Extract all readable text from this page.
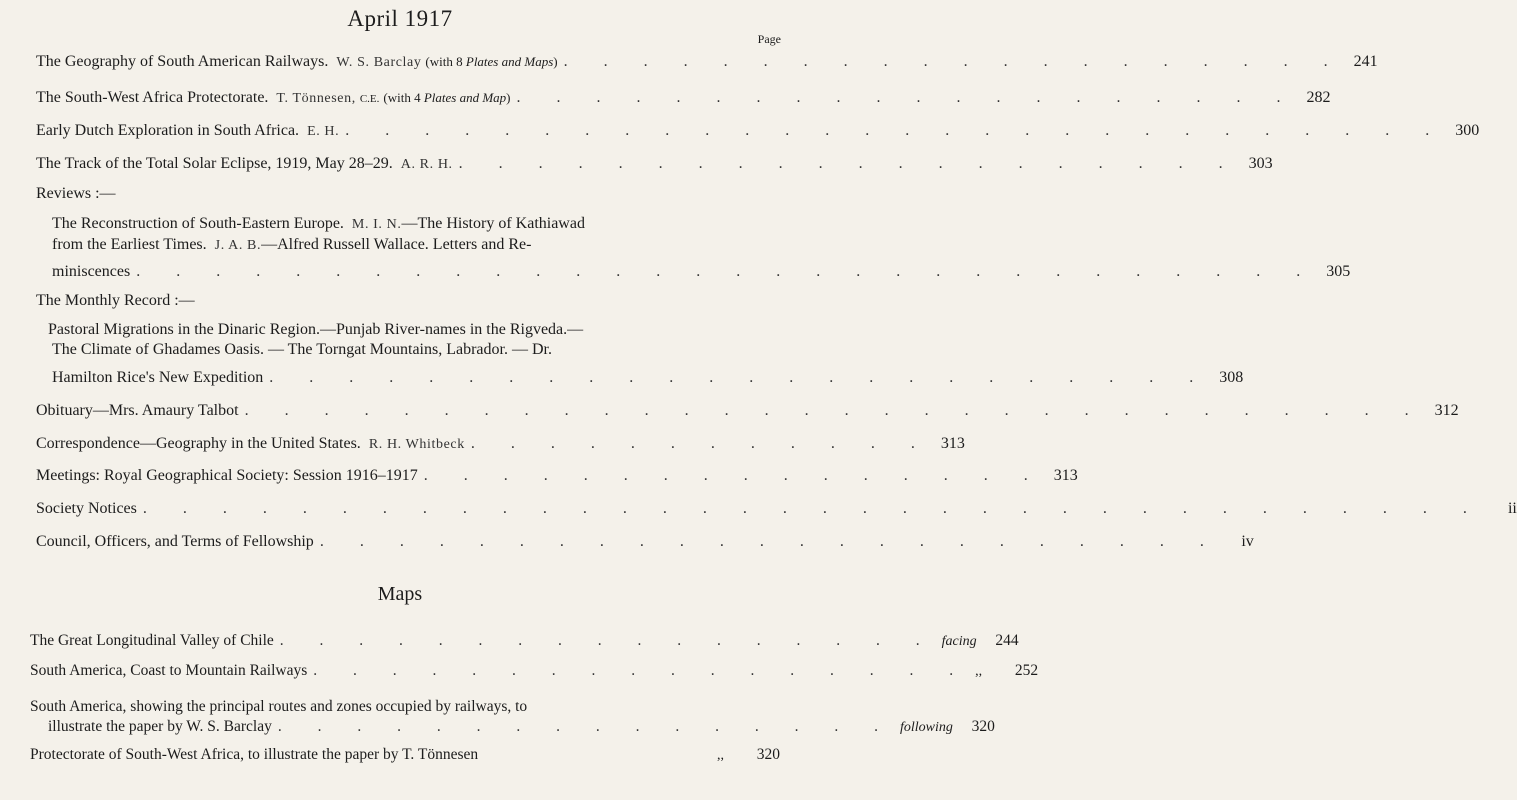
April 1917
Page
The Geography of South American Railways. W. S. Barclay (with 8 Plates and Maps) . . . . . . . . . . . . . . . . . . . . 241
The South-West Africa Protectorate. T. Tönnesen, C.E. (with 4 Plates and Map) . . . . . . . . . . . . . . . . . . . . 282
Early Dutch Exploration in South Africa. E. H. . . . . . . . . . . . . . . . . . . . . . . . . . . . . 300
The Track of the Total Solar Eclipse, 1919, May 28–29. A. R. H. . . . . . . . . . . . . . . . . . . . . 303
Reviews :—
The Reconstruction of South-Eastern Europe.
M. I. N. —The History of Kathiawad
from the Earliest Times.
J. A. B. —Alfred Russell Wallace. Letters and Re-
miniscences . . . . . . . . . . . . . . . . . . . . . . . . . . . . . . 305
The Monthly Record :—
Pastoral Migrations in the Dinaric Region.—Punjab River-names in the Rigveda.—
The Climate of Ghadames Oasis. — The Torngat Mountains, Labrador. — Dr.
Hamilton Rice's New Expedition . . . . . . . . . . . . . . . . . . . . . . . . 308
Obituary—Mrs. Amaury Talbot . . . . . . . . . . . . . . . . . . . . . . . . . . . . . . 312
Correspondence—Geography in the United States. R. H. Whitbeck . . . . . . . . . . . . 313
Meetings: Royal Geographical Society: Session 1916–1917 . . . . . . . . . . . . . . . . 313
Society Notices . . . . . . . . . . . . . . . . . . . . . . . . . . . . . . . . . .	ii
Council, Officers, and Terms of Fellowship . . . . . . . . . . . . . . . . . . . . . . .	iv
Maps
The Great Longitudinal Valley of Chile . . . . . . . . . . . . . . . . . facing	244
South America, Coast to Mountain Railways . . . . . . . . . . . . . . . . . ,,	252
South America, showing the principal routes and zones occupied by railways, to
illustrate the paper by W. S. Barclay . . . . . . . . . . . . . . . . following	320
Protectorate of South-West Africa, to illustrate the paper by T. Tönnesen	,,	320
